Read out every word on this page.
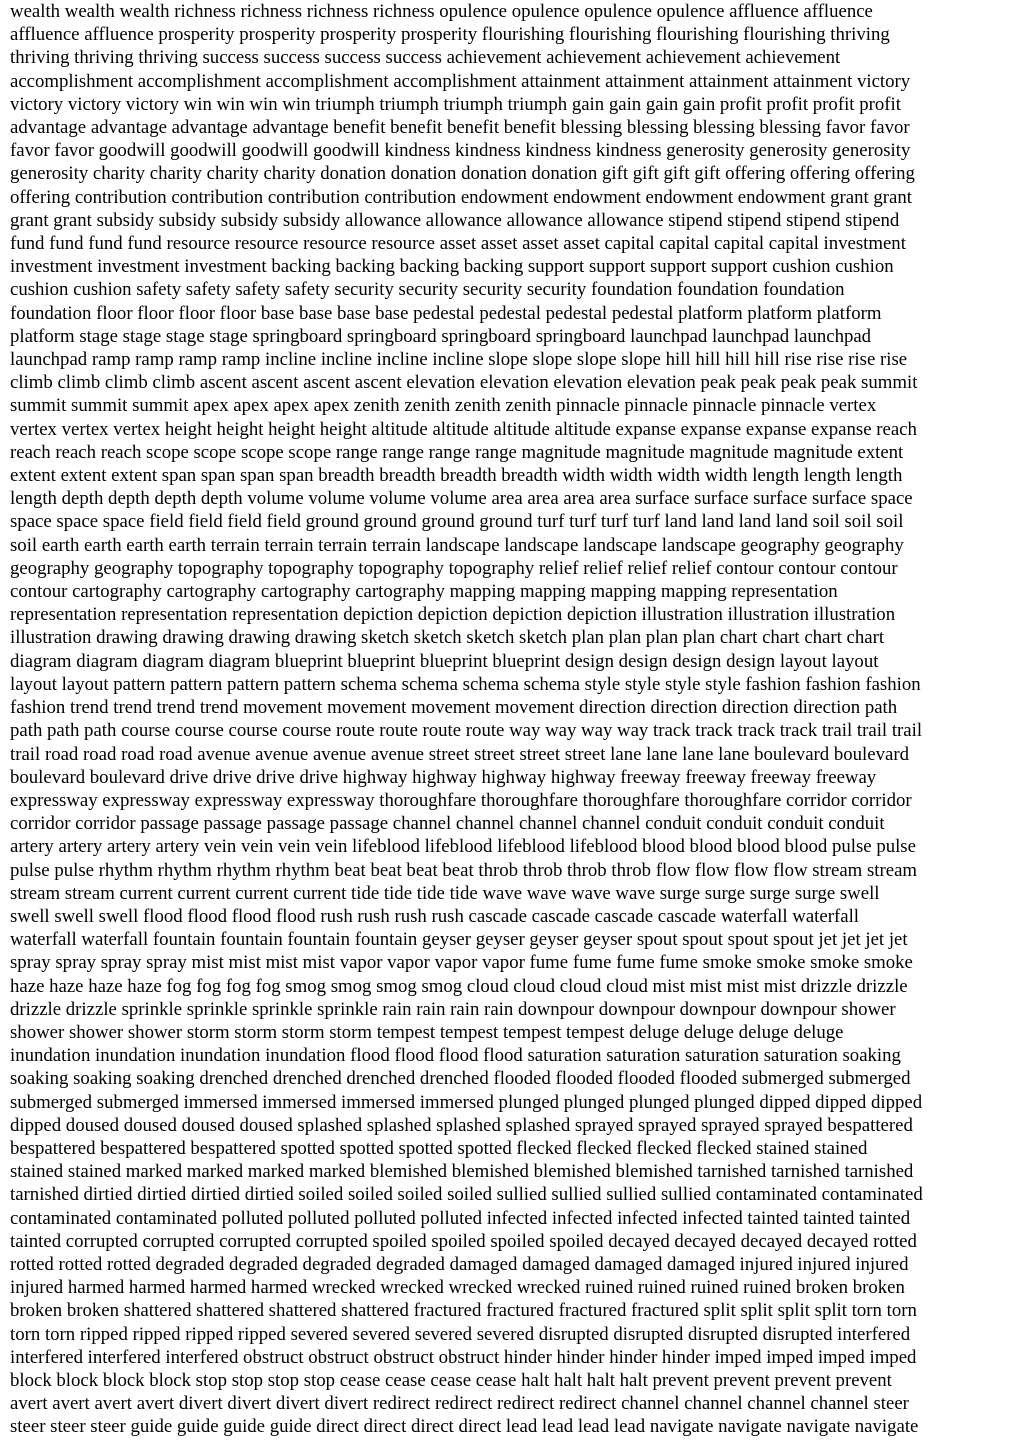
wealth wealth wealth richness richness richness richness opulence opulence opulence opulence affluence affluence
affluence affluence prosperity prosperity prosperity prosperity flourishing flourishing flourishing flourishing thriving
thriving thriving thriving success success success success achievement achievement achievement achievement
accomplishment accomplishment accomplishment accomplishment attainment attainment attainment attainment victory
victory victory victory win win win win triumph triumph triumph triumph gain gain gain gain profit profit profit profit
advantage advantage advantage advantage benefit benefit benefit benefit blessing blessing blessing blessing favor favor
favor favor goodwill goodwill goodwill goodwill kindness kindness kindness kindness generosity generosity generosity
generosity charity charity charity charity donation donation donation donation gift gift gift gift offering offering offering
offering contribution contribution contribution contribution endowment endowment endowment endowment grant grant
grant grant subsidy subsidy subsidy subsidy allowance allowance allowance allowance stipend stipend stipend stipend
fund fund fund fund resource resource resource resource asset asset asset asset capital capital capital capital investment
investment investment investment backing backing backing backing support support support support cushion cushion
cushion cushion safety safety safety safety security security security security foundation foundation foundation
foundation floor floor floor floor base base base base pedestal pedestal pedestal pedestal platform platform platform
platform stage stage stage stage springboard springboard springboard springboard launchpad launchpad launchpad
launchpad ramp ramp ramp ramp incline incline incline incline slope slope slope slope hill hill hill hill rise rise rise rise
climb climb climb climb ascent ascent ascent ascent elevation elevation elevation elevation peak peak peak peak summit
summit summit summit apex apex apex apex zenith zenith zenith zenith pinnacle pinnacle pinnacle pinnacle vertex
vertex vertex vertex height height height height altitude altitude altitude altitude expanse expanse expanse expanse reach
reach reach reach scope scope scope scope range range range range magnitude magnitude magnitude magnitude extent
extent extent extent span span span span breadth breadth breadth breadth width width width width length length length
length depth depth depth depth volume volume volume volume area area area area surface surface surface surface space
space space space field field field field ground ground ground ground turf turf turf turf land land land land soil soil soil
soil earth earth earth earth terrain terrain terrain terrain landscape landscape landscape landscape geography geography
geography geography topography topography topography topography relief relief relief relief contour contour contour
contour cartography cartography cartography cartography mapping mapping mapping mapping representation
representation representation representation depiction depiction depiction depiction illustration illustration illustration
illustration drawing drawing drawing drawing sketch sketch sketch sketch plan plan plan plan chart chart chart chart
diagram diagram diagram diagram blueprint blueprint blueprint blueprint design design design design layout layout
layout layout pattern pattern pattern pattern schema schema schema schema style style style style fashion fashion fashion
fashion trend trend trend trend movement movement movement movement direction direction direction direction path
path path path course course course course route route route route way way way way track track track track trail trail trail
trail road road road road avenue avenue avenue avenue street street street street lane lane lane lane boulevard boulevard
boulevard boulevard drive drive drive drive highway highway highway highway freeway freeway freeway freeway
expressway expressway expressway expressway thoroughfare thoroughfare thoroughfare thoroughfare corridor corridor
corridor corridor passage passage passage passage channel channel channel channel conduit conduit conduit conduit
artery artery artery artery vein vein vein vein lifeblood lifeblood lifeblood lifeblood blood blood blood blood pulse pulse
pulse pulse rhythm rhythm rhythm rhythm beat beat beat beat throb throb throb throb flow flow flow flow stream stream
stream stream current current current current tide tide tide tide wave wave wave wave surge surge surge surge swell
swell swell swell flood flood flood flood rush rush rush rush cascade cascade cascade cascade waterfall waterfall
waterfall waterfall fountain fountain fountain fountain geyser geyser geyser geyser spout spout spout spout jet jet jet jet
spray spray spray spray mist mist mist mist vapor vapor vapor vapor fume fume fume fume smoke smoke smoke smoke
haze haze haze haze fog fog fog fog smog smog smog smog cloud cloud cloud cloud mist mist mist mist drizzle drizzle
drizzle drizzle sprinkle sprinkle sprinkle sprinkle rain rain rain rain downpour downpour downpour downpour shower
shower shower shower storm storm storm storm tempest tempest tempest tempest deluge deluge deluge deluge
inundation inundation inundation inundation flood flood flood flood saturation saturation saturation saturation soaking
soaking soaking soaking drenched drenched drenched drenched flooded flooded flooded flooded submerged submerged
submerged submerged immersed immersed immersed immersed plunged plunged plunged plunged dipped dipped dipped
dipped doused doused doused doused splashed splashed splashed splashed sprayed sprayed sprayed sprayed bespattered
bespattered bespattered bespattered spotted spotted spotted spotted flecked flecked flecked flecked stained stained
stained stained marked marked marked marked blemished blemished blemished blemished tarnished tarnished tarnished
tarnished dirtied dirtied dirtied dirtied soiled soiled soiled soiled sullied sullied sullied sullied contaminated contaminated
contaminated contaminated polluted polluted polluted polluted infected infected infected infected tainted tainted tainted
tainted corrupted corrupted corrupted corrupted spoiled spoiled spoiled spoiled decayed decayed decayed decayed rotted
rotted rotted rotted degraded degraded degraded degraded damaged damaged damaged damaged injured injured injured
injured harmed harmed harmed harmed wrecked wrecked wrecked wrecked ruined ruined ruined ruined broken broken
broken broken shattered shattered shattered shattered fractured fractured fractured fractured split split split split torn torn
torn torn ripped ripped ripped ripped severed severed severed severed disrupted disrupted disrupted disrupted interfered
interfered interfered interfered obstruct obstruct obstruct obstruct hinder hinder hinder hinder imped imped imped imped
block block block block stop stop stop stop cease cease cease cease halt halt halt halt prevent prevent prevent prevent
avert avert avert avert divert divert divert divert redirect redirect redirect redirect channel channel channel channel steer
steer steer steer guide guide guide guide direct direct direct direct lead lead lead lead navigate navigate navigate navigate
